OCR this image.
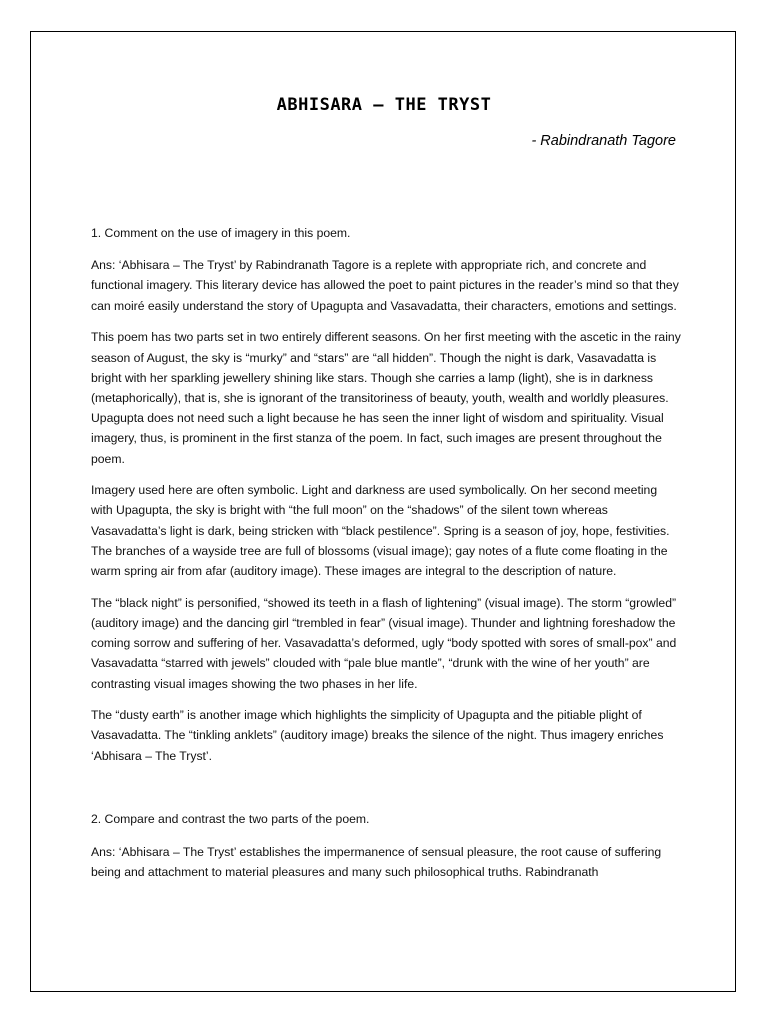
ABHISARA – THE TRYST

- Rabindranath Tagore

1. Comment on the use of imagery in this poem.

Ans: ‘Abhisara – The Tryst’ by Rabindranath Tagore is a replete with appropriate rich, and concrete and functional imagery. This literary device has allowed the poet to paint pictures in the reader’s mind so that they can moiré easily understand the story of Upagupta and Vasavadatta, their characters, emotions and settings.

This poem has two parts set in two entirely different seasons. On her first meeting with the ascetic in the rainy season of August, the sky is “murky” and “stars” are “all hidden”. Though the night is dark, Vasavadatta is bright with her sparkling jewellery shining like stars. Though she carries a lamp (light), she is in darkness (metaphorically), that is, she is ignorant of the transitoriness of beauty, youth, wealth and worldly pleasures. Upagupta does not need such a light because he has seen the inner light of wisdom and spirituality. Visual imagery, thus, is prominent in the first stanza of the poem. In fact, such images are present throughout the poem.

Imagery used here are often symbolic. Light and darkness are used symbolically. On her second meeting with Upagupta, the sky is bright with “the full moon” on the “shadows” of the silent town whereas Vasavadatta’s light is dark, being stricken with “black pestilence”. Spring is a season of joy, hope, festivities. The branches of a wayside tree are full of blossoms (visual image); gay notes of a flute come floating in the warm spring air from afar (auditory image). These images are integral to the description of nature.

The “black night” is personified, “showed its teeth in a flash of lightening” (visual image). The storm “growled” (auditory image) and the dancing girl “trembled in fear” (visual image). Thunder and lightning foreshadow the coming sorrow and suffering of her. Vasavadatta’s deformed, ugly “body spotted with sores of small-pox” and Vasavadatta “starred with jewels” clouded with “pale blue mantle”, “drunk with the wine of her youth” are contrasting visual images showing the two phases in her life.

The “dusty earth” is another image which highlights the simplicity of Upagupta and the pitiable plight of Vasavadatta. The “tinkling anklets” (auditory image) breaks the silence of the night. Thus imagery enriches ‘Abhisara – The Tryst’.

2. Compare and contrast the two parts of the poem.

Ans: ‘Abhisara – The Tryst’ establishes the impermanence of sensual pleasure, the root cause of suffering being and attachment to material pleasures and many such philosophical truths. Rabindranath
